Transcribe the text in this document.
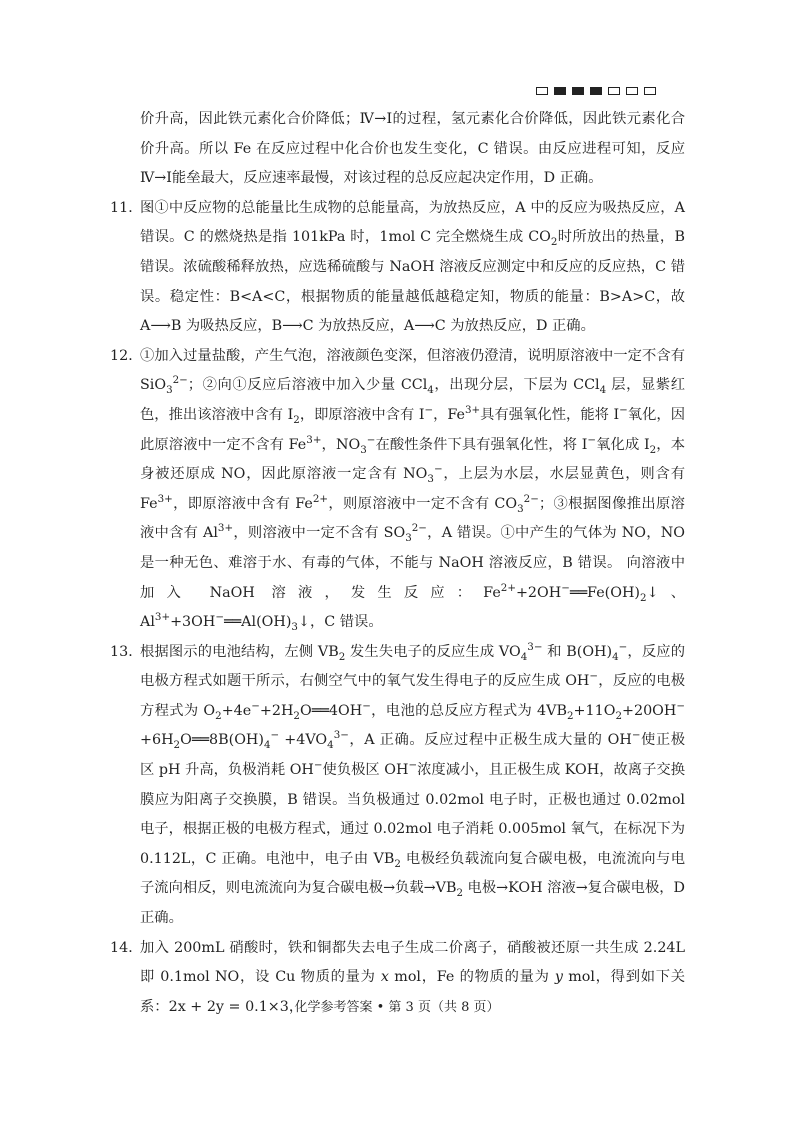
价升高，因此铁元素化合价降低；Ⅳ→Ⅰ的过程，氢元素化合价降低，因此铁元素化合价升高。所以 Fe 在反应过程中化合价也发生变化，C 错误。由反应进程可知，反应Ⅳ→Ⅰ能垒最大，反应速率最慢，对该过程的总反应起决定作用，D 正确。

11．
图①中反应物的总能量比生成物的总能量高，为放热反应，A 中的反应为吸热反应，A 错误。C 的燃烧热是指 101kPa 时，1mol C 完全燃烧生成 $CO_2$时所放出的热量，B 错误。浓硫酸稀释放热，应选稀硫酸与 NaOH 溶液反应测定中和反应的反应热，C 错误。稳定性：B<A<C，根据物质的能量越低越稳定知，物质的能量：B>A>C，故 A⟶B 为吸热反应，B⟶C 为放热反应，A⟶C 为放热反应，D 正确。

12．
①加入过量盐酸，产生气泡，溶液颜色变深，但溶液仍澄清，说明原溶液中一定不含有 SiO$_3^{2-}$；②向①反应后溶液中加入少量 CCl$_4$，出现分层，下层为 CCl$_4$ 层，显紫红色，推出该溶液中含有 $I_2$，即原溶液中含有 I−，$Fe^{3+}$具有强氧化性，能将 I−氧化，因此原溶液中一定不含有 $Fe^{3+}$，$NO_3^-$在酸性条件下具有强氧化性，将 I−氧化成 $I_2$，本身被还原成 NO，因此原溶液一定含有 $NO_3^-$，上层为水层，水层显黄色，则含有 $Fe^{3+}$，即原溶液中含有 $Fe^{2+}$，则原溶液中一定不含有 $CO_3^{2-}$；③根据图像推出原溶液中含有 $Al^{3+}$，则溶液中一定不含有 $SO_3^{2-}$，A 错误。①中产生的气体为 NO，NO 是一种无色、难溶于水、有毒的气体，不能与 NaOH 溶液反应，B 错误。 向溶液中加入 NaOH 溶液，发生反应：$Fe^{2+}+2OH^-══Fe(OH)_2↓$、$Al^{3+}+3OH^-══Al(OH)_3↓$，C 错误。

13．
根据图示的电池结构，左侧 $VB_2$ 发生失电子的反应生成 $VO_4^{3-}$ 和 $B(OH)_4^-$，反应的电极方程式如题干所示，右侧空气中的氧气发生得电子的反应生成 OH−，反应的电极方程式为 $O_2+4e^-+2H_2O══4OH^-$，电池的总反应方程式为 $4VB_2+11O_2+20OH^-+6H_2O══8B(OH)_4^- +4VO_4^{3-}$，A 正确。反应过程中正极生成大量的 OH−使正极区 pH 升高，负极消耗 OH−使负极区 OH−浓度减小，且正极生成 KOH，故离子交换膜应为阳离子交换膜，B 错误。当负极通过 0.02mol 电子时，正极也通过 0.02mol 电子，根据正极的电极方程式，通过 0.02mol 电子消耗 0.005mol 氧气，在标况下为 0.112L，C 正确。电池中，电子由 $VB_2$ 电极经负载流向复合碳电极，电流流向与电子流向相反，则电流流向为复合碳电极→负载$\to VB_2$ 电极→KOH 溶液→复合碳电极，D 正确。

14．
加入 200mL 硝酸时，铁和铜都失去电子生成二价离子，硝酸被还原一共生成 2.24L 即 0.1mol NO，设 Cu 物质的量为 x mol，Fe 的物质的量为 y mol，得到如下关系：2x + 2y = 0.1×3，

化学参考答案 • 第 3 页（共 8 页）
